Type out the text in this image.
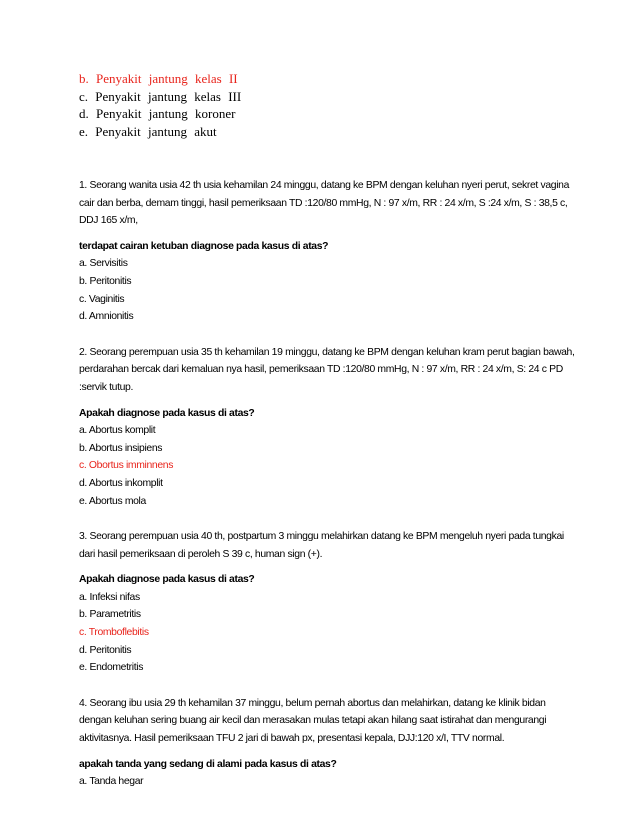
b. Penyakit jantung kelas II
c. Penyakit jantung kelas III
d. Penyakit jantung koroner
e. Penyakit jantung akut

1. Seorang wanita usia 42 th usia kehamilan 24 minggu, datang ke BPM dengan keluhan nyeri perut, sekret vagina cair dan berba, demam tinggi, hasil pemeriksaan TD :120/80 mmHg, N : 97 x/m, RR : 24 x/m, S :24 x/m, S : 38,5 c, DDJ 165 x/m,

terdapat cairan ketuban diagnose pada kasus di atas?

a. Servisitis
b. Peritonitis
c. Vaginitis
d. Amnionitis

2. Seorang perempuan usia 35 th kehamilan 19 minggu, datang ke BPM dengan keluhan kram perut bagian bawah, perdarahan bercak dari kemaluan nya hasil, pemeriksaan TD :120/80 mmHg, N : 97 x/m, RR : 24 x/m, S: 24 c PD :servik tutup.

Apakah diagnose pada kasus di atas?

a. Abortus komplit
b. Abortus insipiens
c. Obortus imminnens
d. Abortus inkomplit
e. Abortus mola

3. Seorang perempuan usia 40 th, postpartum 3 minggu melahirkan datang ke BPM mengeluh nyeri pada tungkai dari hasil pemeriksaan di peroleh S 39 c, human sign (+).

Apakah diagnose pada kasus di atas?

a. Infeksi nifas
b. Parametritis
c. Tromboflebitis
d. Peritonitis
e. Endometritis

4. Seorang ibu usia 29 th kehamilan 37 minggu, belum pernah abortus dan melahirkan, datang ke klinik bidan dengan keluhan sering buang air kecil dan merasakan mulas tetapi akan hilang saat istirahat dan mengurangi aktivitasnya. Hasil pemeriksaan TFU 2 jari di bawah px, presentasi kepala, DJJ:120 x/I, TTV normal.

apakah tanda yang sedang di alami pada kasus di atas?

a. Tanda hegar
